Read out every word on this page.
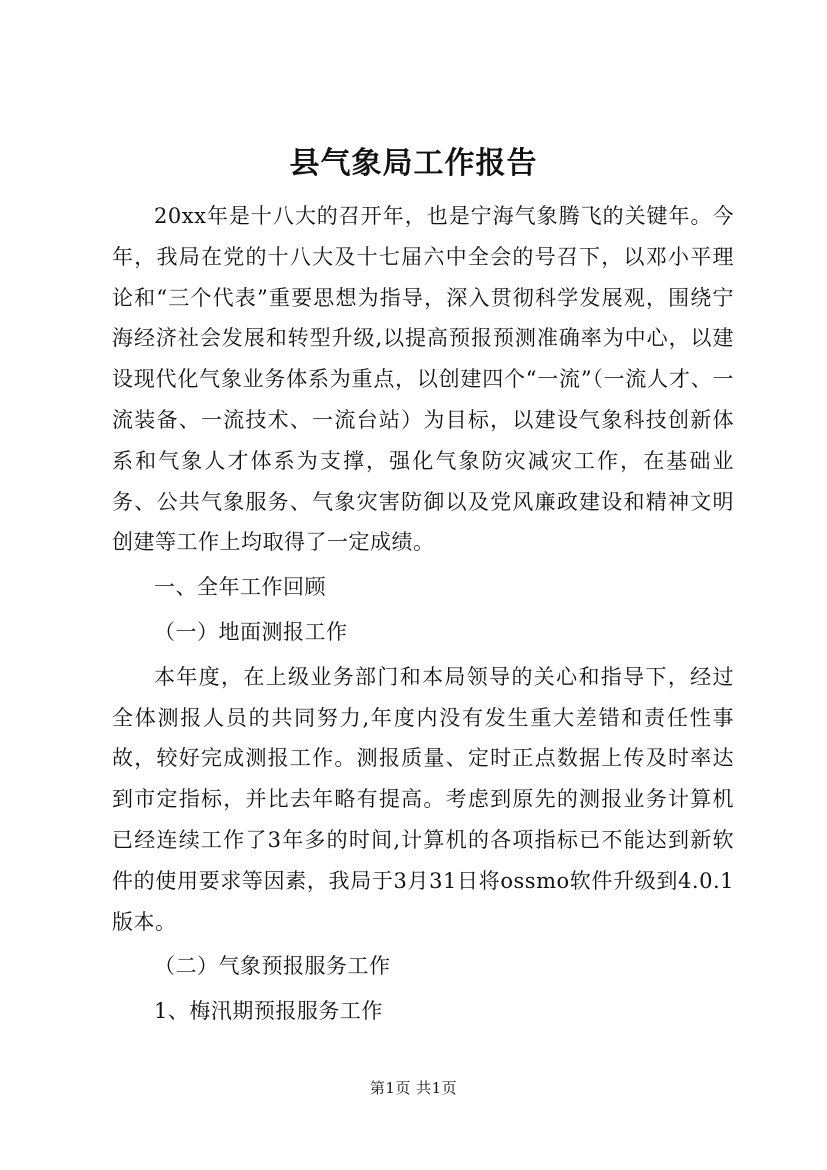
县气象局工作报告

20xx年是十八大的召开年，也是宁海气象腾飞的关键年。今年，我局在党的十八大及十七届六中全会的号召下，以邓小平理论和“三个代表”重要思想为指导，深入贯彻科学发展观，围绕宁海经济社会发展和转型升级,以提高预报预测准确率为中心，以建设现代化气象业务体系为重点，以创建四个“一流”（一流人才、一流装备、一流技术、一流台站）为目标，以建设气象科技创新体系和气象人才体系为支撑，强化气象防灾减灾工作，在基础业务、公共气象服务、气象灾害防御以及党风廉政建设和精神文明创建等工作上均取得了一定成绩。

一、全年工作回顾

（一）地面测报工作

本年度，在上级业务部门和本局领导的关心和指导下，经过全体测报人员的共同努力,年度内没有发生重大差错和责任性事故，较好完成测报工作。测报质量、定时正点数据上传及时率达到市定指标，并比去年略有提高。考虑到原先的测报业务计算机已经连续工作了3年多的时间,计算机的各项指标已不能达到新软件的使用要求等因素，我局于3月31日将ossmo软件升级到4.0.1版本。

（二）气象预报服务工作

1、梅汛期预报服务工作

第1页 共1页
